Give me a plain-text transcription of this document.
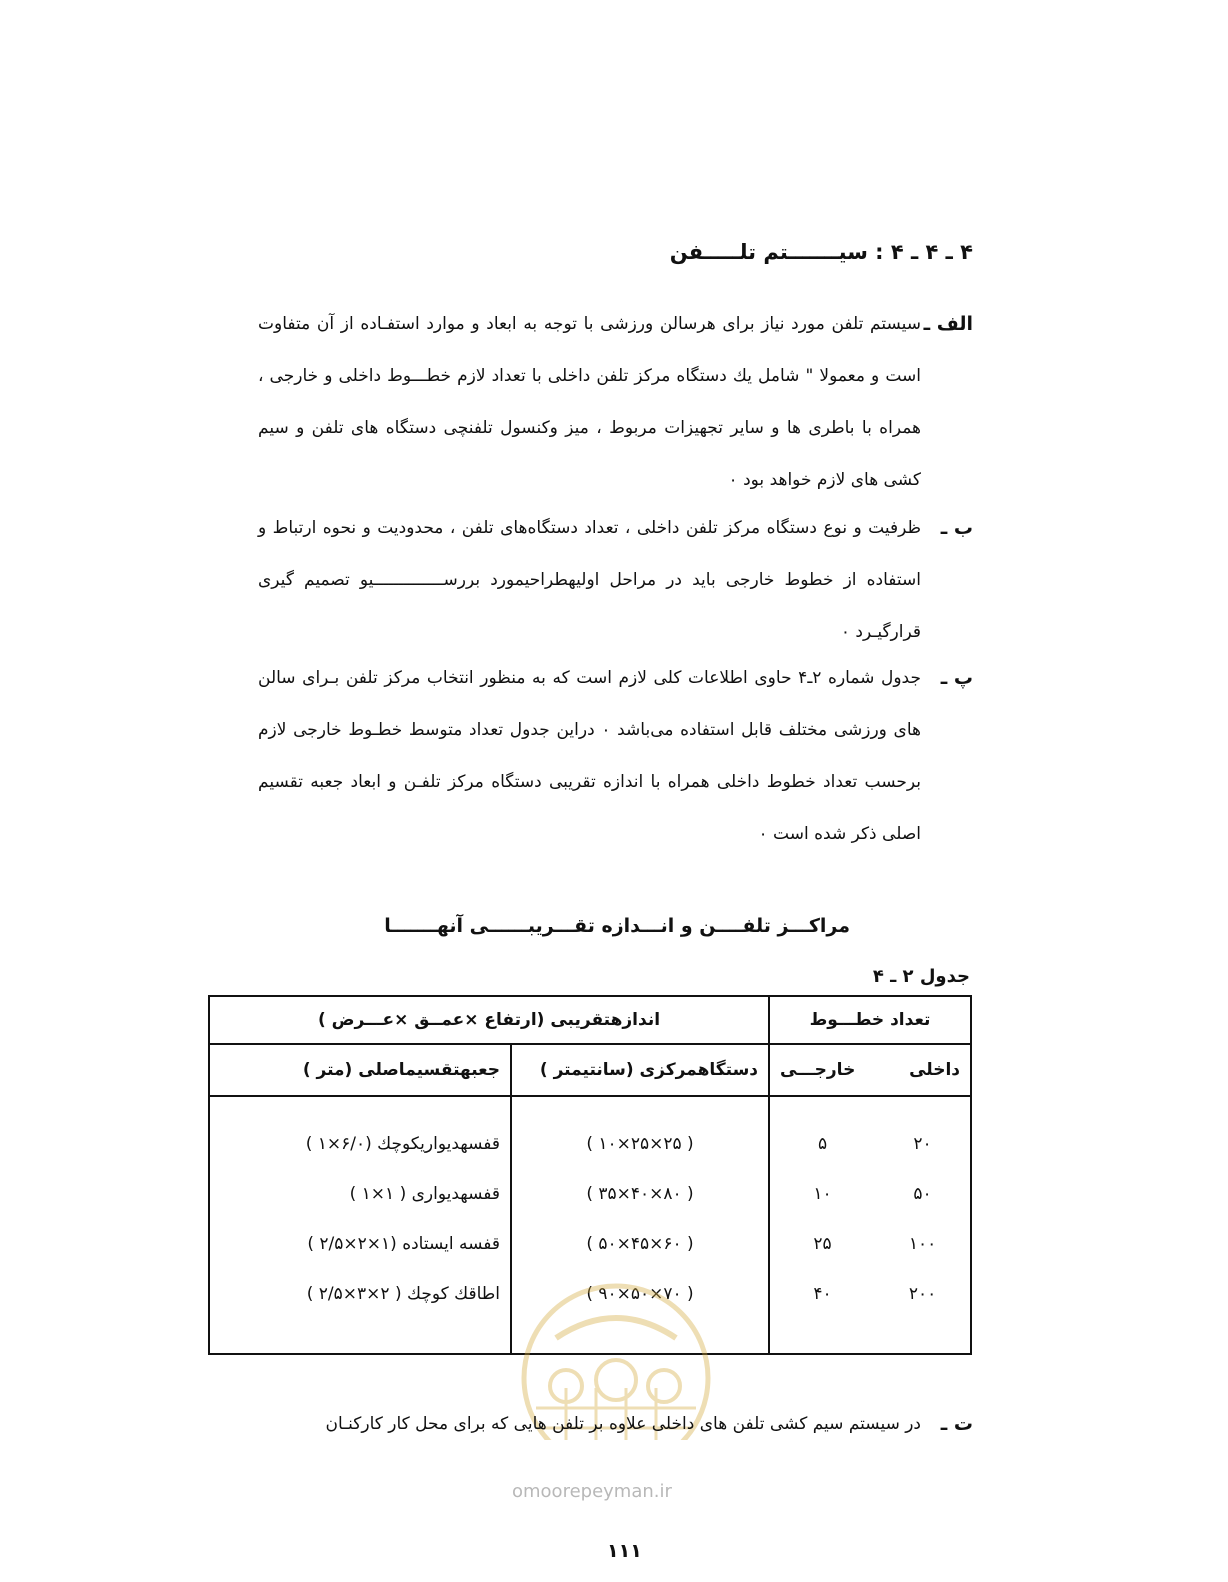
۴ ـ ۴ ـ ۴ : سیـــــــتم تلـــــفن
الف ـ
سیستم تلفن مورد نیاز برای هرسالن ورزشی با توجه به ابعاد و موارد استفـاده از آن متفاوت است و معمولا " شامل یك دستگاه مرکز تلفن داخلی با تعداد لازم خطـــوط داخلی و خارجی ، همراه با باطری ها و سایر تجهیزات مربوط ، میز وکنسول تلفنچی دستگاه های تلفن و سیم کشی های لازم خواهد بود ٠
ب ـ
ظرفیت و نوع دستگاه مرکز تلفن داخلی ، تعداد دستگاه‌های تلفن ، محدودیت و نحوه ارتباط و استفاده از خطوط خارجی باید در مراحل اولیهطراحیمورد برر‌ســــــــــــــیو تصمیم گیری قرارگیـرد ٠
پ ـ
جدول شماره ۲ـ۴ حاوی اطلاعات کلی لازم است که به منظور انتخاب مرکز تلفن بـرای سالن های ورزشی مختلف قابل استفاده می‌باشد ٠ دراین جدول تعداد متوسط خطـوط خارجی لازم برحسب تعداد خطوط داخلی همراه با اندازه تقریبی دستگاه مرکز تلفـن و ابعاد جعبه تقسیم اصلی ذکر شده است ٠
مراکـــز تلفــــن و انـــدازه تقـــریبــــــی آنهـــــــا
جدول ۲ ـ ۴
تعداد خطـــوط		اندازهتقریبی (ارتفاع ×عمــق ×عـــرض )	
داخلی	خارجـــی	دستگاهمرکزی (سانتیمتر )	جعبهتقسیماصلی (متر )

۲۰	۵	( ۲۵×۲۵×۱۰ )	قفسهدیواریکوچك (۶/۰×۱ )
۵۰	۱۰	( ۸۰×۴۰×۳۵ )	قفسهدیواری ( ۱×۱ )
۱۰۰	۲۵	( ۶۰×۴۵×۵۰ )	قفسه ایستاده (۱×۲×۲/۵ )
۲۰۰	۴۰	( ۷۰×۵۰×۹۰ )	اطاقك كوچك ( ۲×۳×۲/۵ )

ت ـ
در سیستم سیم کشی تلفن های داخلی علاوه بر تلفن هایی که برای محل کار کارکنـان
omoorepeyman.ir

۱۱۱
